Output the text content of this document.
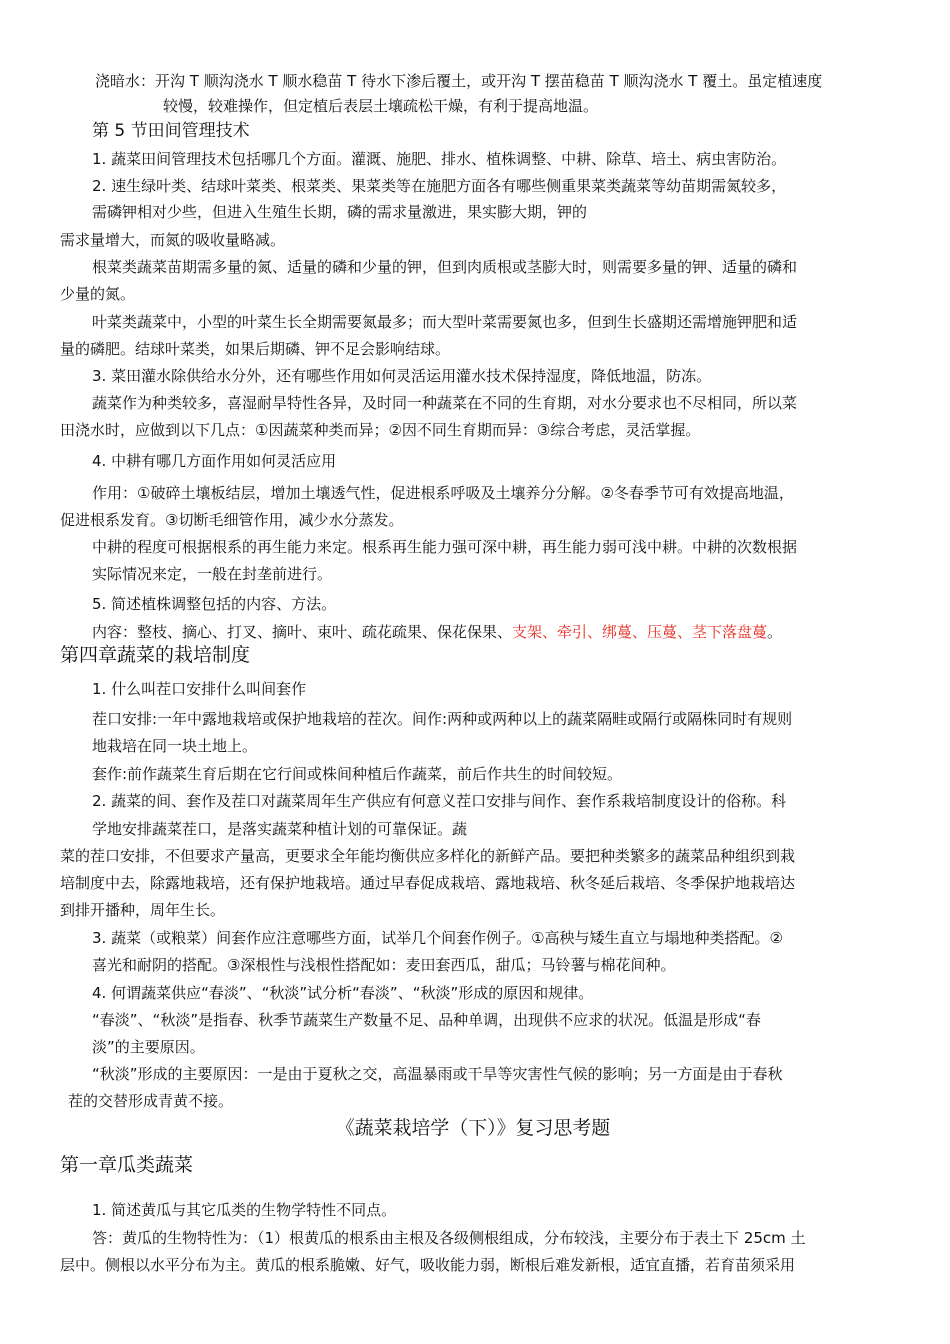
浇暗水：开沟 T 顺沟浇水 T 顺水稳苗 T 待水下渗后覆土，或开沟 T 摆苗稳苗 T 顺沟浇水 T 覆土。虽定植速度
较慢，较难操作，但定植后表层土壤疏松干燥，有利于提高地温。
第 5 节田间管理技术
1. 蔬菜田间管理技术包括哪几个方面。灌溉、施肥、排水、植株调整、中耕、除草、培土、病虫害防治。
2. 速生绿叶类、结球叶菜类、根菜类、果菜类等在施肥方面各有哪些侧重果菜类蔬菜等幼苗期需氮较多，
需磷钾相对少些，但进入生殖生长期，磷的需求量激进，果实膨大期，钾的
需求量增大，而氮的吸收量略减。
根菜类蔬菜苗期需多量的氮、适量的磷和少量的钾，但到肉质根或茎膨大时，则需要多量的钾、适量的磷和
少量的氮。
叶菜类蔬菜中，小型的叶菜生长全期需要氮最多；而大型叶菜需要氮也多，但到生长盛期还需增施钾肥和适
量的磷肥。结球叶菜类，如果后期磷、钾不足会影响结球。
3. 菜田灌水除供给水分外，还有哪些作用如何灵活运用灌水技术保持湿度，降低地温，防冻。
蔬菜作为种类较多，喜湿耐旱特性各异，及时同一种蔬菜在不同的生育期，对水分要求也不尽相同，所以菜
田浇水时，应做到以下几点：①因蔬菜种类而异；②因不同生育期而异：③综合考虑，灵活掌握。
4. 中耕有哪几方面作用如何灵活应用
作用：①破碎土壤板结层，增加土壤透气性，促进根系呼吸及土壤养分分解。②冬春季节可有效提高地温，
促进根系发育。③切断毛细管作用，减少水分蒸发。
中耕的程度可根据根系的再生能力来定。根系再生能力强可深中耕，再生能力弱可浅中耕。中耕的次数根据
实际情况来定，一般在封垄前进行。
5. 简述植株调整包括的内容、方法。
内容：整枝、摘心、打叉、摘叶、束叶、疏花疏果、保花保果、支架、牵引、绑蔓、压蔓、茎下落盘蔓。
第四章蔬菜的栽培制度
1. 什么叫茬口安排什么叫间套作
茬口安排:一年中露地栽培或保护地栽培的茬次。间作:两种或两种以上的蔬菜隔畦或隔行或隔株同时有规则
地栽培在同一块土地上。
套作:前作蔬菜生育后期在它行间或株间种植后作蔬菜，前后作共生的时间较短。
2. 蔬菜的间、套作及茬口对蔬菜周年生产供应有何意义茬口安排与间作、套作系栽培制度设计的俗称。科
学地安排蔬菜茬口，是落实蔬菜种植计划的可靠保证。蔬
菜的茬口安排，不但要求产量高，更要求全年能均衡供应多样化的新鲜产品。要把种类繁多的蔬菜品种组织到栽
培制度中去，除露地栽培，还有保护地栽培。通过早春促成栽培、露地栽培、秋冬延后栽培、冬季保护地栽培达
到排开播种，周年生长。
3. 蔬菜（或粮菜）间套作应注意哪些方面，试举几个间套作例子。①高秧与矮生直立与塌地种类搭配。②
喜光和耐阴的搭配。③深根性与浅根性搭配如：麦田套西瓜，甜瓜；马铃薯与棉花间种。
4. 何谓蔬菜供应“春淡”、“秋淡”试分析“春淡”、“秋淡”形成的原因和规律。
“春淡”、“秋淡”是指春、秋季节蔬菜生产数量不足、品种单调，出现供不应求的状况。低温是形成“春
淡”的主要原因。
“秋淡”形成的主要原因：一是由于夏秋之交，高温暴雨或干旱等灾害性气候的影响；另一方面是由于春秋
茬的交替形成青黄不接。
《蔬菜栽培学（下）》复习思考题
第一章瓜类蔬菜
1. 简述黄瓜与其它瓜类的生物学特性不同点。
答：黄瓜的生物特性为：（1）根黄瓜的根系由主根及各级侧根组成，分布较浅，主要分布于表土下 25cm 土
层中。侧根以水平分布为主。黄瓜的根系脆嫩、好气，吸收能力弱，断根后难发新根，适宜直播，若育苗须采用
